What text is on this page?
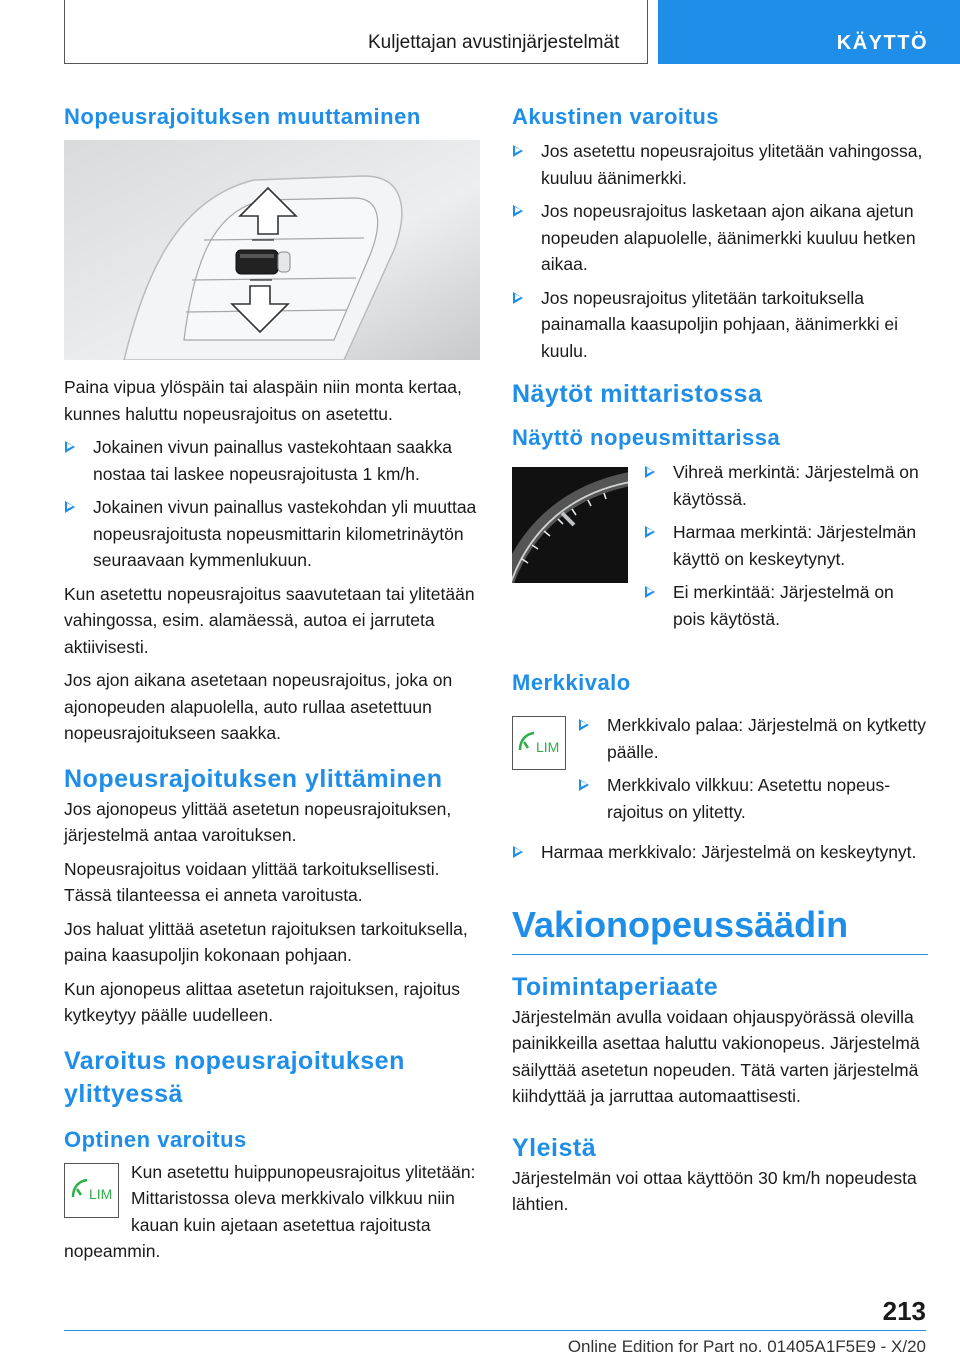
Kuljettajan avustinjärjestelmät	KÄYTTÖ
Nopeusrajoituksen muuttaminen

Paina vipua ylöspäin tai alaspäin niin monta kertaa, kunnes haluttu nopeusrajoitus on asetettu.

Jokainen vivun painallus vastekohtaan saakka nostaa tai laskee nopeusrajoitusta 1 km/h.
Jokainen vivun painallus vastekohdan yli muuttaa nopeusrajoitusta nopeusmittarin kilometrinäytön seuraavaan kymmenlukuun.

Kun asetettu nopeusrajoitus saavutetaan tai ylitetään vahingossa, esim. alamäessä, autoa ei jarruteta aktiivisesti.

Jos ajon aikana asetetaan nopeusrajoitus, joka on ajonopeuden alapuolella, auto rullaa asetettuun nopeusrajoitukseen saakka.

Nopeusrajoituksen ylittäminen

Jos ajonopeus ylittää asetetun nopeusrajoituksen, järjestelmä antaa varoituksen.

Nopeusrajoitus voidaan ylittää tarkoituksellisesti. Tässä tilanteessa ei anneta varoitusta.

Jos haluat ylittää asetetun rajoituksen tarkoituksella, paina kaasupoljin kokonaan pohjaan.

Kun ajonopeus alittaa asetetun rajoituksen, rajoitus kytkeytyy päälle uudelleen.

Varoitus nopeusrajoituksen ylittyessä
Optinen varoitus
LIM

Kun asetettu huippunopeusrajoitus ylitetään: Mittaristossa oleva merkkivalo vilkkuu niin kauan kuin ajetaan asetettua rajoitusta nopeammin.

Akustinen varoitus
Jos asetettu nopeusrajoitus ylitetään vahingossa, kuuluu äänimerkki.
Jos nopeusrajoitus lasketaan ajon aikana ajetun nopeuden alapuolelle, äänimerkki kuuluu hetken aikaa.
Jos nopeusrajoitus ylitetään tarkoituksella painamalla kaasupoljin pohjaan, äänimerkki ei kuulu.
Näytöt mittaristossa
Näyttö nopeusmittarissa
Vihreä merkintä: Järjestelmä on käytössä.
Harmaa merkintä: Järjestelmän käyttö on keskeytynyt.
Ei merkintää: Järjestelmä on pois käytöstä.
Merkkivalo
LIM
Merkkivalo palaa: Järjestelmä on kytketty päälle.
Merkkivalo vilkkuu: Asetettu nopeusrajoitus on ylitetty.
Harmaa merkkivalo: Järjestelmä on keskeytynyt.
Vakionopeussäädin
Toimintaperiaate

Järjestelmän avulla voidaan ohjauspyörässä olevilla painikkeilla asettaa haluttu vakionopeus. Järjestelmä säilyttää asetetun nopeuden. Tätä varten järjestelmä kiihdyttää ja jarruttaa automaattisesti.

Yleistä

Järjestelmän voi ottaa käyttöön 30 km/h nopeudesta lähtien.

213
Online Edition for Part no. 01405A1F5E9 - X/20
